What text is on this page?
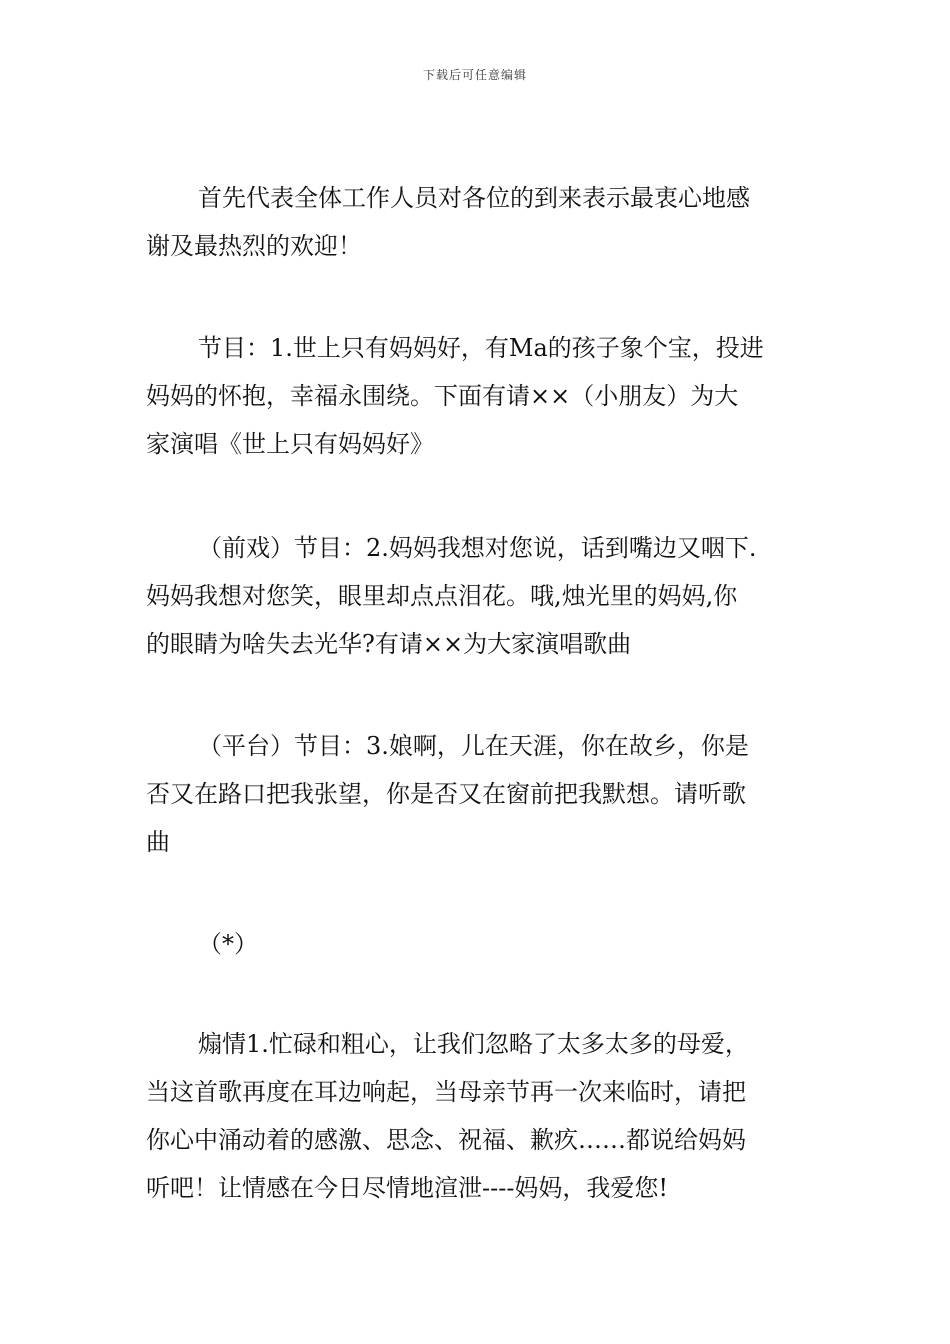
下载后可任意编辑
首先代表全体工作人员对各位的到来表示最衷心地感
谢及最热烈的欢迎！
节目：1.世上只有妈妈好，有Ma的孩子象个宝，投进
妈妈的怀抱，幸福永围绕。下面有请××（小朋友）为大
家演唱《世上只有妈妈好》
（前戏）节目：2.妈妈我想对您说，话到嘴边又咽下.
妈妈我想对您笑，眼里却点点泪花。哦,烛光里的妈妈,你
的眼睛为啥失去光华?有请××为大家演唱歌曲
（平台）节目：3.娘啊，儿在天涯，你在故乡，你是
否又在路口把我张望，你是否又在窗前把我默想。请听歌
曲
（*）
煽情1.忙碌和粗心，让我们忽略了太多太多的母爱，
当这首歌再度在耳边响起，当母亲节再一次来临时，请把
你心中涌动着的感激、思念、祝福、歉疚……都说给妈妈
听吧！让情感在今日尽情地渲泄----妈妈，我爱您!
